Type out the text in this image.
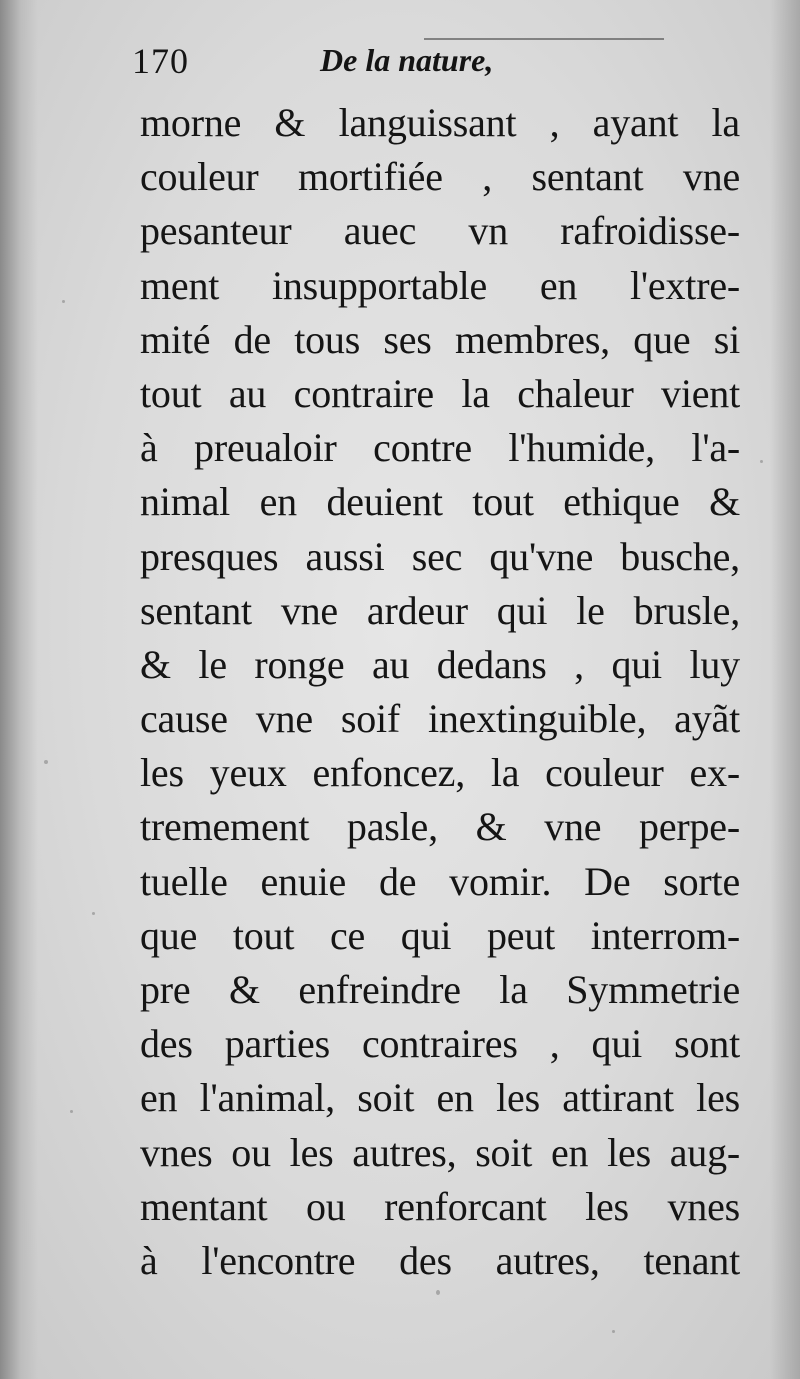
170	De la nature,
morne & languissant , ayant la
couleur mortifiée , sentant vne
pesanteur auec vn rafroidisse-
ment insupportable en l'extre-
mité de tous ses membres, que si
tout au contraire la chaleur vient
à preualoir contre l'humide, l'a-
nimal en deuient tout ethique &
presques aussi sec qu'vne busche,
sentant vne ardeur qui le brusle,
& le ronge au dedans , qui luy
cause vne soif inextinguible, ayãt
les yeux enfoncez, la couleur ex-
tremement pasle, & vne perpe-
tuelle enuie de vomir. De sorte
que tout ce qui peut interrom-
pre & enfreindre la Symmetrie
des parties contraires , qui sont
en l'animal, soit en les attirant les
vnes ou les autres, soit en les aug-
mentant ou renforcant les vnes
à l'encontre des autres, tenant
